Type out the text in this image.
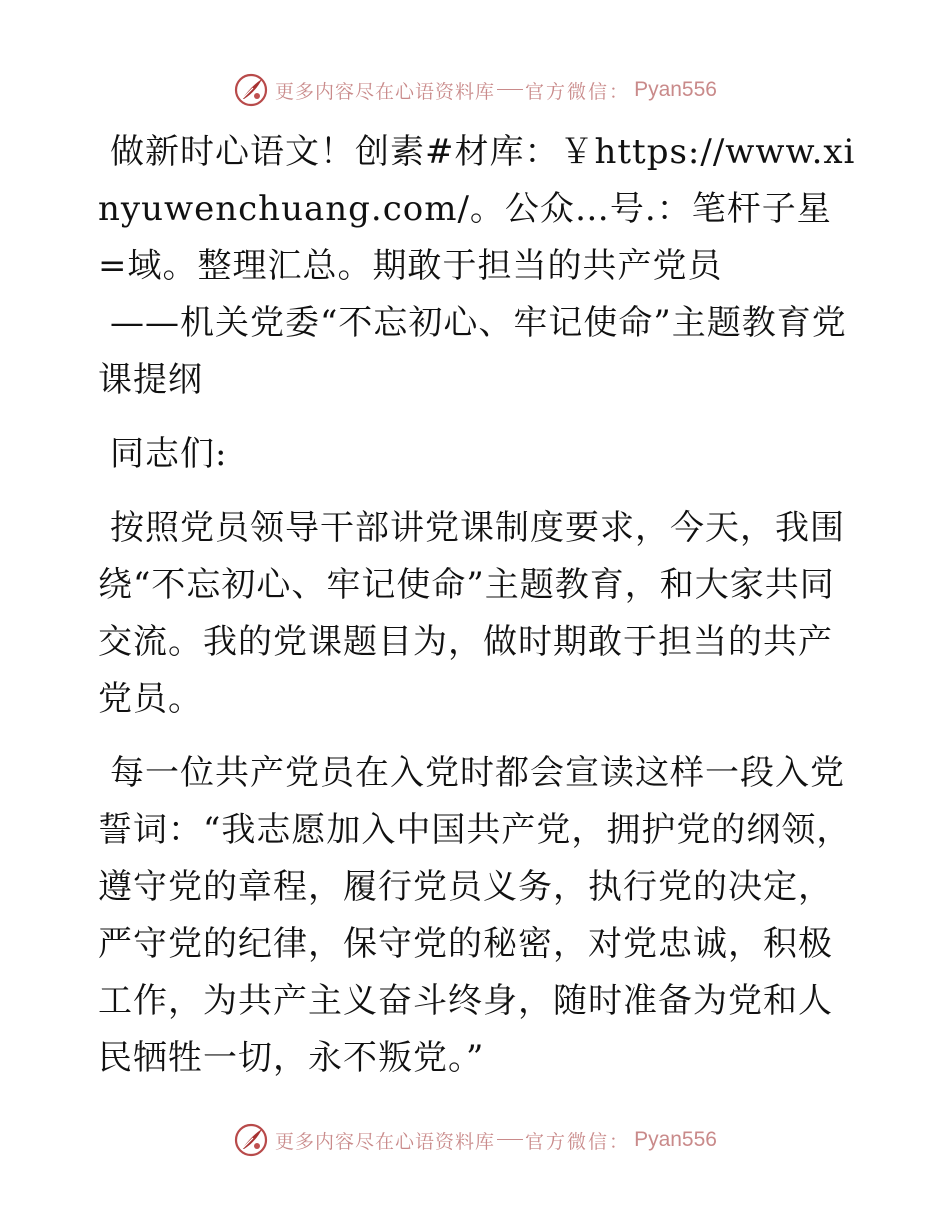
更多内容尽在心语资料库 官方微信： Pyan556

做新时心语文！创素#材库：￥https://www.xinyuwenchuang.com/。公众…号.：笔杆子星=域。整理汇总。期敢于担当的共产党员

——机关党委“不忘初心、牢记使命”主题教育党课提纲

同志们:

按照党员领导干部讲党课制度要求，今天，我围绕“不忘初心、牢记使命”主题教育，和大家共同交流。我的党课题目为，做时期敢于担当的共产党员。

每一位共产党员在入党时都会宣读这样一段入党誓词：“我志愿加入中国共产党，拥护党的纲领，遵守党的章程，履行党员义务，执行党的决定，严守党的纪律，保守党的秘密，对党忠诚，积极工作，为共产主义奋斗终身，随时准备为党和人民牺牲一切，永不叛党。”

更多内容尽在心语资料库 官方微信： Pyan556
